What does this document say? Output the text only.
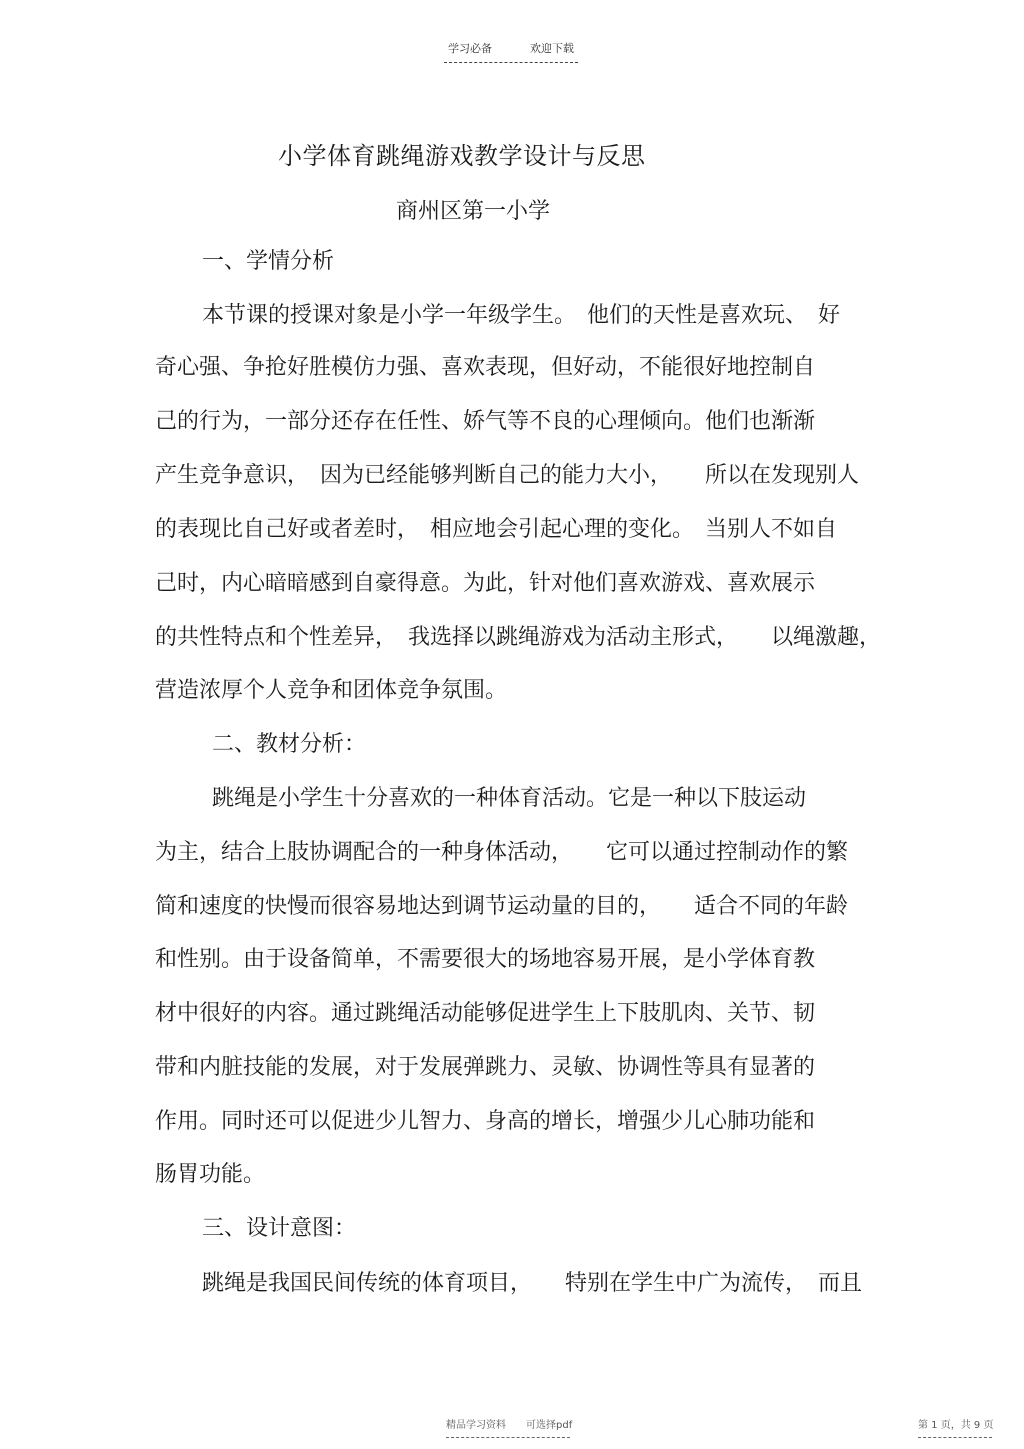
学习必备	欢迎下载
小学体育跳绳游戏教学设计与反思
商州区第一小学
一、学情分析
本节课的授课对象是小学一年级学生。　他们的天性是喜欢玩、　好
奇心强、争抢好胜模仿力强、喜欢表现，但好动，不能很好地控制自
己的行为，一部分还存在任性、娇气等不良的心理倾向。他们也渐渐
产生竞争意识，　因为已经能够判断自己的能力大小，　　所以在发现别人
的表现比自己好或者差时，　相应地会引起心理的变化。　当别人不如自
己时，内心暗暗感到自豪得意。为此，针对他们喜欢游戏、喜欢展示
的共性特点和个性差异，　我选择以跳绳游戏为活动主形式，　　以绳激趣，
营造浓厚个人竞争和团体竞争氛围。
二、教材分析：
跳绳是小学生十分喜欢的一种体育活动。它是一种以下肢运动
为主，结合上肢协调配合的一种身体活动，　　它可以通过控制动作的繁
简和速度的快慢而很容易地达到调节运动量的目的，　　适合不同的年龄
和性别。由于设备简单，不需要很大的场地容易开展，是小学体育教
材中很好的内容。通过跳绳活动能够促进学生上下肢肌肉、关节、韧
带和内脏技能的发展，对于发展弹跳力、灵敏、协调性等具有显著的
作用。同时还可以促进少儿智力、身高的增长，增强少儿心肺功能和
肠胃功能。
三、设计意图：
跳绳是我国民间传统的体育项目，　　特别在学生中广为流传，　而且
精品学习资料　　可选择pdf	第 1 页，共 9 页
